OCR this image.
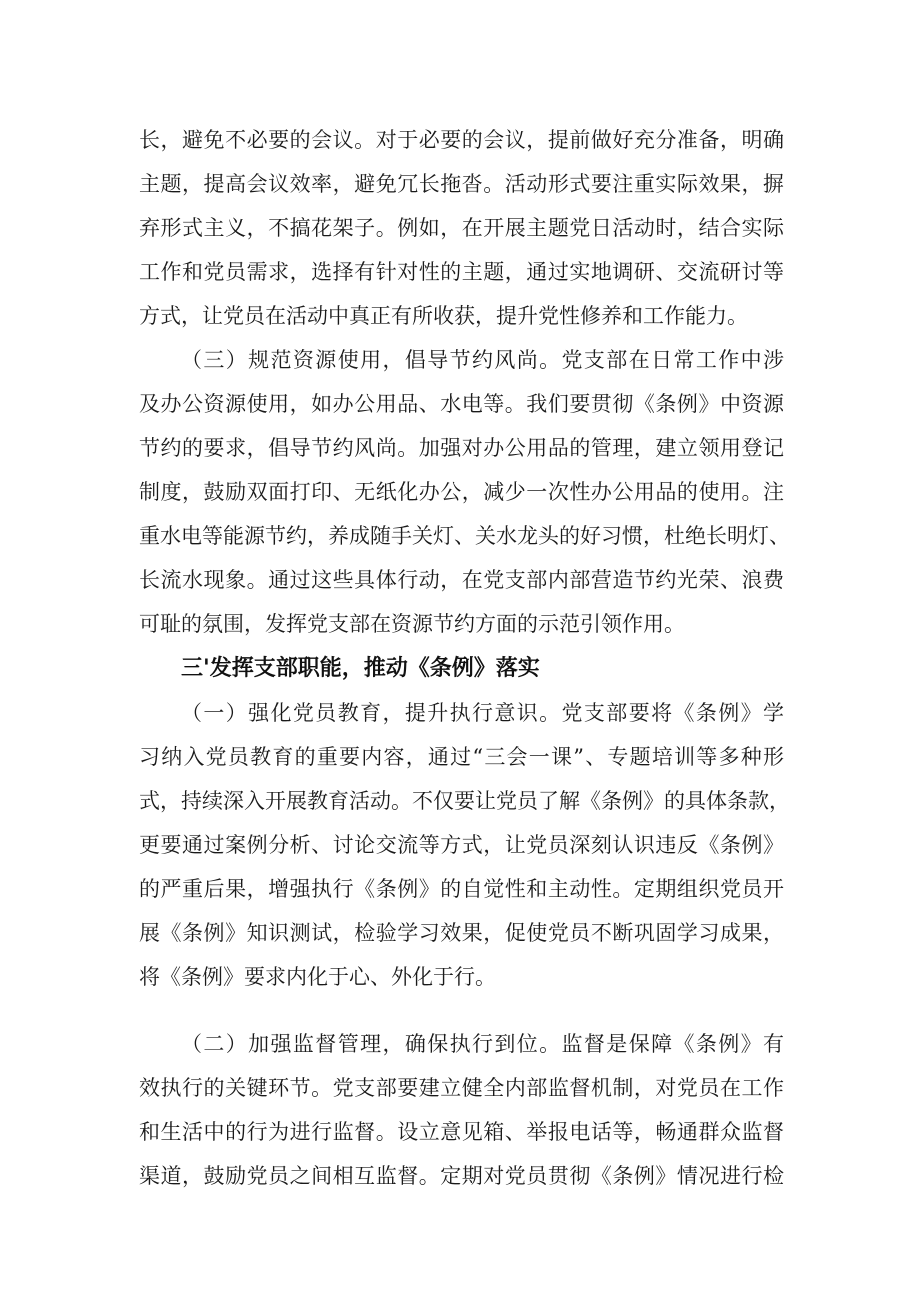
长，避免不必要的会议。对于必要的会议，提前做好充分准备，明确
主题，提高会议效率，避免冗长拖沓。活动形式要注重实际效果，摒
弃形式主义，不搞花架子。例如，在开展主题党日活动时，结合实际
工作和党员需求，选择有针对性的主题，通过实地调研、交流研讨等
方式，让党员在活动中真正有所收获，提升党性修养和工作能力。
（三）规范资源使用，倡导节约风尚。党支部在日常工作中涉
及办公资源使用，如办公用品、水电等。我们要贯彻《条例》中资源
节约的要求，倡导节约风尚。加强对办公用品的管理，建立领用登记
制度，鼓励双面打印、无纸化办公，减少一次性办公用品的使用。注
重水电等能源节约，养成随手关灯、关水龙头的好习惯，杜绝长明灯、
长流水现象。通过这些具体行动，在党支部内部营造节约光荣、浪费
可耻的氛围，发挥党支部在资源节约方面的示范引领作用。
三'发挥支部职能，推动《条例》落实
（一）强化党员教育，提升执行意识。党支部要将《条例》学
习纳入党员教育的重要内容，通过“三会一课”、专题培训等多种形
式，持续深入开展教育活动。不仅要让党员了解《条例》的具体条款，
更要通过案例分析、讨论交流等方式，让党员深刻认识违反《条例》
的严重后果，增强执行《条例》的自觉性和主动性。定期组织党员开
展《条例》知识测试，检验学习效果，促使党员不断巩固学习成果，
将《条例》要求内化于心、外化于行。
（二）加强监督管理，确保执行到位。监督是保障《条例》有
效执行的关键环节。党支部要建立健全内部监督机制，对党员在工作
和生活中的行为进行监督。设立意见箱、举报电话等，畅通群众监督
渠道，鼓励党员之间相互监督。定期对党员贯彻《条例》情况进行检
